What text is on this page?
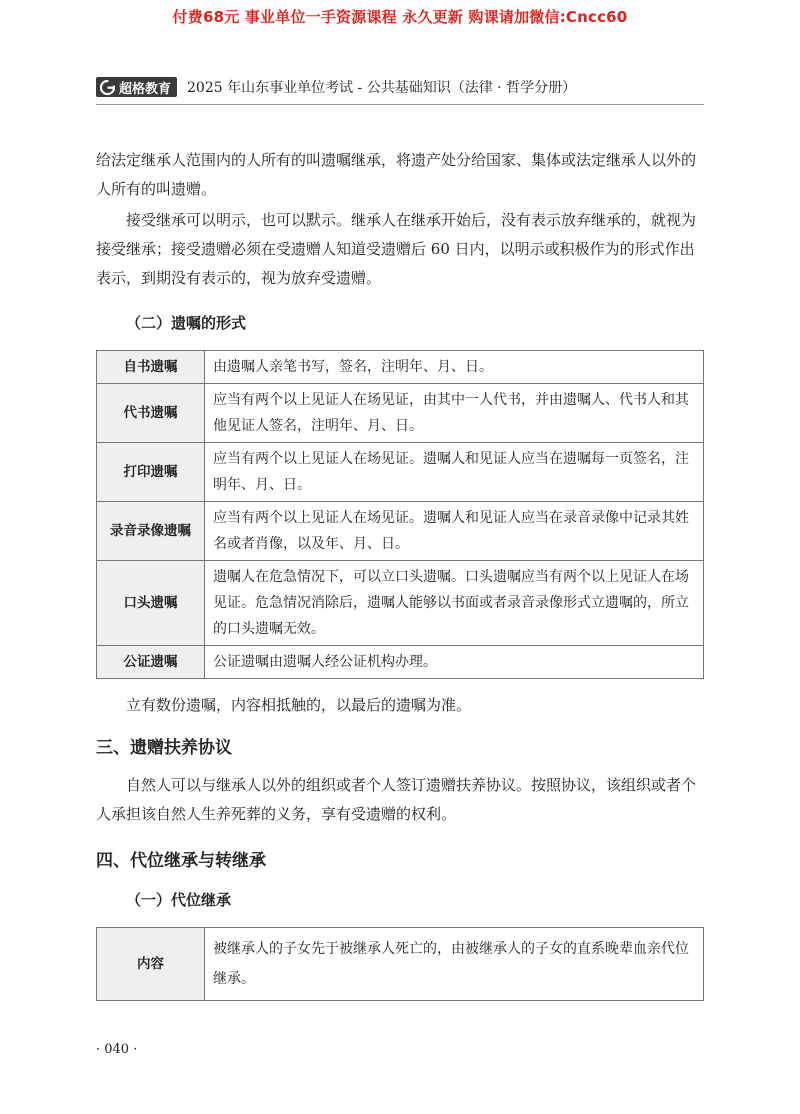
付费68元 事业单位一手资源课程 永久更新 购课请加微信:Cncc60
超格教育 2025 年山东事业单位考试 - 公共基础知识（法律 · 哲学分册）

给法定继承人范围内的人所有的叫遗嘱继承，将遗产处分给国家、集体或法定继承人以外的人所有的叫遗赠。

接受继承可以明示，也可以默示。继承人在继承开始后，没有表示放弃继承的，就视为接受继承；接受遗赠必须在受遗赠人知道受遗赠后 60 日内，以明示或积极作为的形式作出表示，到期没有表示的，视为放弃受遗赠。

（二）遗嘱的形式
自书遗嘱	由遗嘱人亲笔书写，签名，注明年、月、日。
代书遗嘱	应当有两个以上见证人在场见证，由其中一人代书，并由遗嘱人、代书人和其他见证人签名，注明年、月、日。
打印遗嘱	应当有两个以上见证人在场见证。遗嘱人和见证人应当在遗嘱每一页签名，注明年、月、日。
录音录像遗嘱	应当有两个以上见证人在场见证。遗嘱人和见证人应当在录音录像中记录其姓名或者肖像，以及年、月、日。
口头遗嘱	遗嘱人在危急情况下，可以立口头遗嘱。口头遗嘱应当有两个以上见证人在场见证。危急情况消除后，遗嘱人能够以书面或者录音录像形式立遗嘱的，所立的口头遗嘱无效。
公证遗嘱	公证遗嘱由遗嘱人经公证机构办理。

立有数份遗嘱，内容相抵触的，以最后的遗嘱为准。

三、遗赠扶养协议

自然人可以与继承人以外的组织或者个人签订遗赠扶养协议。按照协议，该组织或者个人承担该自然人生养死葬的义务，享有受遗赠的权利。

四、代位继承与转继承
（一）代位继承
内容	被继承人的子女先于被继承人死亡的，由被继承人的子女的直系晚辈血亲代位继承。
· 040 ·
